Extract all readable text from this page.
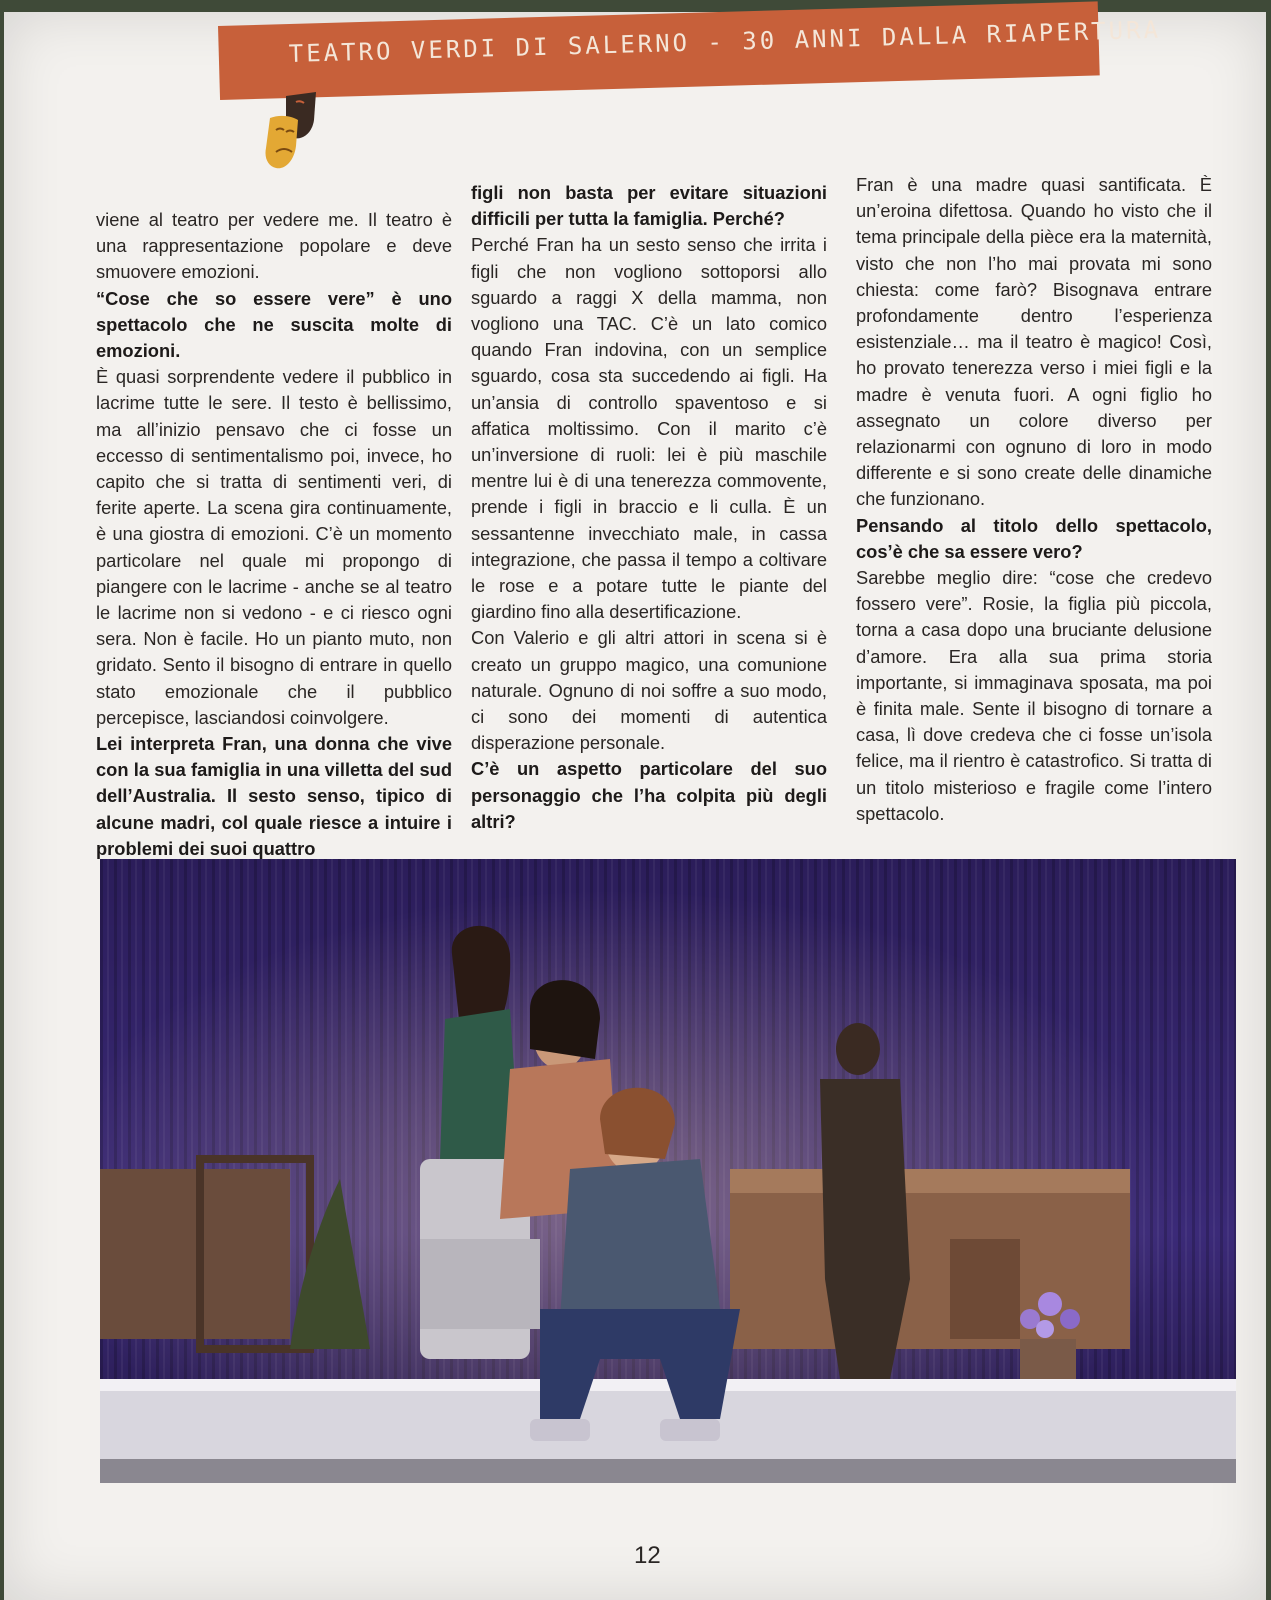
TEATRO VERDI DI SALERNO - 30 ANNI DALLA RIAPERTURA

viene al teatro per vedere me. Il teatro è una rappresentazione popolare e deve smuovere emozioni.

“Cose che so essere vere” è uno spettacolo che ne suscita molte di emozioni.

È quasi sorprendente vedere il pubblico in lacrime tutte le sere. Il testo è bellissimo, ma all’inizio pensavo che ci fosse un eccesso di sentimentalismo poi, invece, ho capito che si tratta di sentimenti veri, di ferite aperte. La scena gira continuamente, è una giostra di emozioni. C’è un momento particolare nel quale mi propongo di piangere con le lacrime - anche se al teatro le lacrime non si vedono - e ci riesco ogni sera. Non è facile. Ho un pianto muto, non gridato. Sento il bisogno di entrare in quello stato emozionale che il pubblico percepisce, lasciandosi coinvolgere.

Lei interpreta Fran, una donna che vive con la sua famiglia in una villetta del sud dell’Australia. Il sesto senso, tipico di alcune madri, col quale riesce a intuire i problemi dei suoi quattro

figli non basta per evitare situazioni difficili per tutta la famiglia. Perché?

Perché Fran ha un sesto senso che irrita i figli che non vogliono sottoporsi allo sguardo a raggi X della mamma, non vogliono una TAC. C’è un lato comico quando Fran indovina, con un semplice sguardo, cosa sta succedendo ai figli. Ha un’ansia di controllo spaventoso e si affatica moltissimo. Con il marito c’è un’inversione di ruoli: lei è più maschile mentre lui è di una tenerezza commovente, prende i figli in braccio e li culla. È un sessantenne invecchiato male, in cassa integrazione, che passa il tempo a coltivare le rose e a potare tutte le piante del giardino fino alla desertificazione.

Con Valerio e gli altri attori in scena si è creato un gruppo magico, una comunione naturale. Ognuno di noi soffre a suo modo, ci sono dei momenti di autentica disperazione personale.

C’è un aspetto particolare del suo personaggio che l’ha colpita più degli altri?

Fran è una madre quasi santificata. È un’eroina difettosa. Quando ho visto che il tema principale della pièce era la maternità, visto che non l’ho mai provata mi sono chiesta: come farò? Bisognava entrare profondamente dentro l’esperienza esistenziale… ma il teatro è magico! Così, ho provato tenerezza verso i miei figli e la madre è venuta fuori. A ogni figlio ho assegnato un colore diverso per relazionarmi con ognuno di loro in modo differente e si sono create delle dinamiche che funzionano.

Pensando al titolo dello spettacolo, cos’è che sa essere vero?

Sarebbe meglio dire: “cose che credevo fossero vere”. Rosie, la figlia più piccola, torna a casa dopo una bruciante delusione d’amore. Era alla sua prima storia importante, si immaginava sposata, ma poi è finita male. Sente il bisogno di tornare a casa, lì dove credeva che ci fosse un’isola felice, ma il rientro è catastrofico. Si tratta di un titolo misterioso e fragile come l’intero spettacolo.

12
